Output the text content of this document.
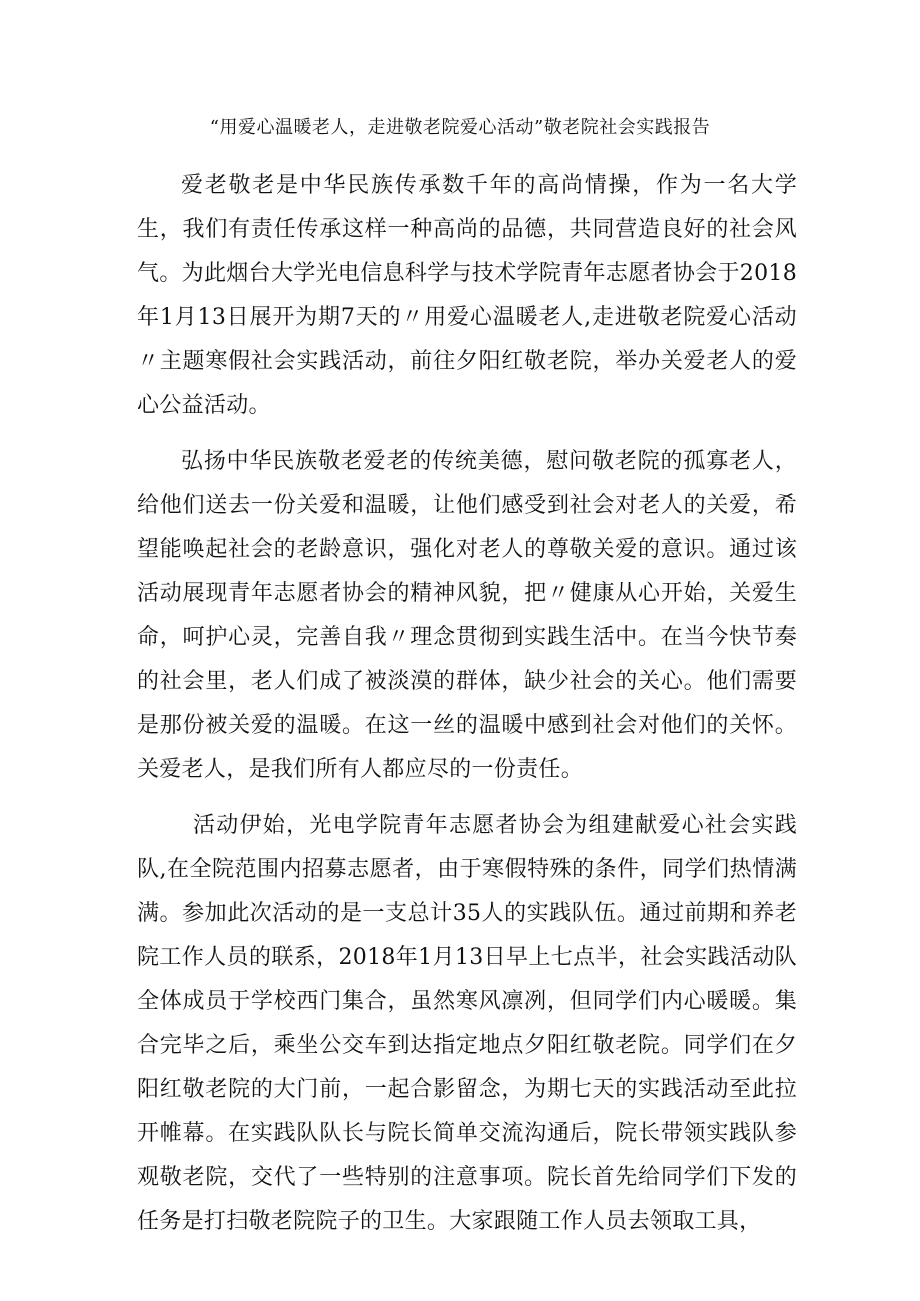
“用爱心温暖老人，走进敬老院爱心活动”敬老院社会实践报告

爱老敬老是中华民族传承数千年的高尚情操，作为一名大学生，我们有责任传承这样一种高尚的品德，共同营造良好的社会风气。为此烟台大学光电信息科学与技术学院青年志愿者协会于2018年1月13日展开为期7天的〃用爱心温暖老人,走进敬老院爱心活动〃主题寒假社会实践活动，前往夕阳红敬老院，举办关爱老人的爱心公益活动。

弘扬中华民族敬老爱老的传统美德，慰问敬老院的孤寡老人，给他们送去一份关爱和温暖，让他们感受到社会对老人的关爱，希望能唤起社会的老龄意识，强化对老人的尊敬关爱的意识。通过该活动展现青年志愿者协会的精神风貌，把〃健康从心开始，关爱生命，呵护心灵，完善自我〃理念贯彻到实践生活中。在当今快节奏的社会里，老人们成了被淡漠的群体，缺少社会的关心。他们需要是那份被关爱的温暖。在这一丝的温暖中感到社会对他们的关怀。关爱老人，是我们所有人都应尽的一份责任。

活动伊始，光电学院青年志愿者协会为组建献爱心社会实践队,在全院范围内招募志愿者，由于寒假特殊的条件，同学们热情满满。参加此次活动的是一支总计35人的实践队伍。通过前期和养老院工作人员的联系，2018年1月13日早上七点半，社会实践活动队全体成员于学校西门集合，虽然寒风凛冽，但同学们内心暖暖。集合完毕之后，乘坐公交车到达指定地点夕阳红敬老院。同学们在夕阳红敬老院的大门前，一起合影留念，为期七天的实践活动至此拉开帷幕。在实践队队长与院长简单交流沟通后，院长带领实践队参观敬老院，交代了一些特别的注意事项。院长首先给同学们下发的任务是打扫敬老院院子的卫生。大家跟随工作人员去领取工具，
